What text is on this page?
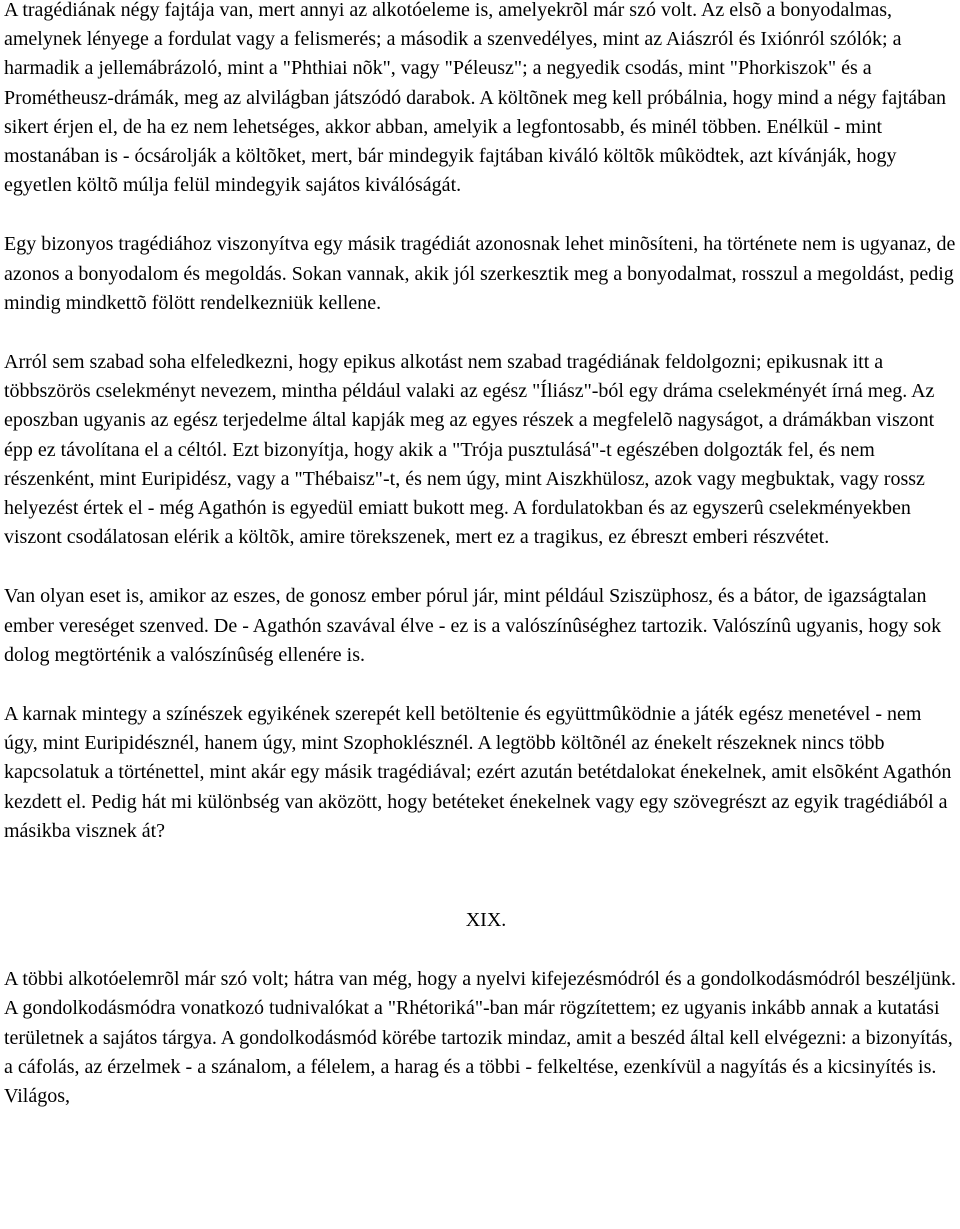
A tragédiának négy fajtája van, mert annyi az alkotóeleme is, amelyekrõl már szó volt. Az elsõ a bonyodalmas, amelynek lényege a fordulat vagy a felismerés; a második a szenvedélyes, mint az Aiászról és Ixiónról szólók; a harmadik a jellemábrázoló, mint a "Phthiai nõk", vagy "Péleusz"; a negyedik csodás, mint "Phorkiszok" és a Prométheusz-drámák, meg az alvilágban játszódó darabok. A költõnek meg kell próbálnia, hogy mind a négy fajtában sikert érjen el, de ha ez nem lehetséges, akkor abban, amelyik a legfontosabb, és minél többen. Enélkül - mint mostanában is - ócsárolják a költõket, mert, bár mindegyik fajtában kiváló költõk mûködtek, azt kívánják, hogy egyetlen költõ múlja felül mindegyik sajátos kiválóságát.

Egy bizonyos tragédiához viszonyítva egy másik tragédiát azonosnak lehet minõsíteni, ha története nem is ugyanaz, de azonos a bonyodalom és megoldás. Sokan vannak, akik jól szerkesztik meg a bonyodalmat, rosszul a megoldást, pedig mindig mindkettõ fölött rendelkezniük kellene.

Arról sem szabad soha elfeledkezni, hogy epikus alkotást nem szabad tragédiának feldolgozni; epikusnak itt a többszörös cselekményt nevezem, mintha például valaki az egész "Íliász"-ból egy dráma cselekményét írná meg. Az eposzban ugyanis az egész terjedelme által kapják meg az egyes részek a megfelelõ nagyságot, a drámákban viszont épp ez távolítana el a céltól. Ezt bizonyítja, hogy akik a "Trója pusztulásá"-t egészében dolgozták fel, és nem részenként, mint Euripidész, vagy a "Thébaisz"-t, és nem úgy, mint Aiszkhülosz, azok vagy megbuktak, vagy rossz helyezést értek el - még Agathón is egyedül emiatt bukott meg. A fordulatokban és az egyszerû cselekményekben viszont csodálatosan elérik a költõk, amire törekszenek, mert ez a tragikus, ez ébreszt emberi részvétet.

Van olyan eset is, amikor az eszes, de gonosz ember pórul jár, mint például Sziszüphosz, és a bátor, de igazságtalan ember vereséget szenved. De - Agathón szavával élve - ez is a valószínûséghez tartozik. Valószínû ugyanis, hogy sok dolog megtörténik a valószínûség ellenére is.

A karnak mintegy a színészek egyikének szerepét kell betöltenie és együttmûködnie a játék egész menetével - nem úgy, mint Euripidésznél, hanem úgy, mint Szophoklésznél. A legtöbb költõnél az énekelt részeknek nincs több kapcsolatuk a történettel, mint akár egy másik tragédiával; ezért azután betétdalokat énekelnek, amit elsõként Agathón kezdett el. Pedig hát mi különbség van aközött, hogy betéteket énekelnek vagy egy szövegrészt az egyik tragédiából a másikba visznek át?

XIX.

A többi alkotóelemrõl már szó volt; hátra van még, hogy a nyelvi kifejezésmódról és a gondolkodásmódról beszéljünk. A gondolkodásmódra vonatkozó tudnivalókat a "Rhétoriká"-ban már rögzítettem; ez ugyanis inkább annak a kutatási területnek a sajátos tárgya. A gondolkodásmód körébe tartozik mindaz, amit a beszéd által kell elvégezni: a bizonyítás, a cáfolás, az érzelmek - a szánalom, a félelem, a harag és a többi - felkeltése, ezenkívül a nagyítás és a kicsinyítés is. Világos,
